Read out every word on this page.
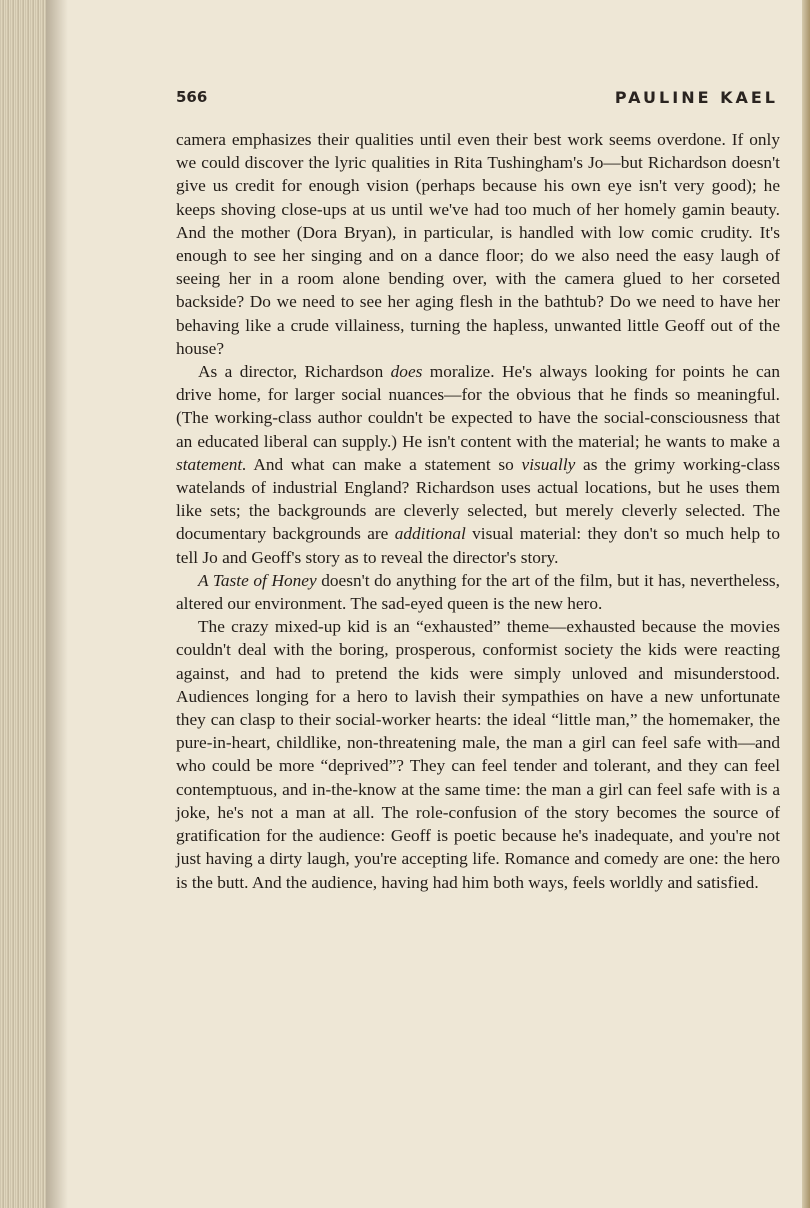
566	PAULINE KAEL

camera emphasizes their qualities until even their best work seems overdone. If only we could discover the lyric qualities in Rita Tushingham's Jo—but Richardson doesn't give us credit for enough vision (perhaps because his own eye isn't very good); he keeps shoving close-ups at us until we've had too much of her homely gamin beauty. And the mother (Dora Bryan), in particular, is handled with low comic crudity. It's enough to see her singing and on a dance floor; do we also need the easy laugh of seeing her in a room alone bending over, with the camera glued to her corseted backside? Do we need to see her aging flesh in the bathtub? Do we need to have her behaving like a crude villainess, turning the hapless, unwanted little Geoff out of the house?

As a director, Richardson does moralize. He's always looking for points he can drive home, for larger social nuances—for the obvious that he finds so meaningful. (The working-class author couldn't be expected to have the social-consciousness that an educated liberal can supply.) He isn't content with the material; he wants to make a statement. And what can make a statement so visually as the grimy working-class watelands of industrial England? Richardson uses actual locations, but he uses them like sets; the backgrounds are cleverly selected, but merely cleverly selected. The documentary backgrounds are additional visual material: they don't so much help to tell Jo and Geoff's story as to reveal the director's story.

A Taste of Honey doesn't do anything for the art of the film, but it has, nevertheless, altered our environment. The sad-eyed queen is the new hero.

The crazy mixed-up kid is an “exhausted” theme—exhausted because the movies couldn't deal with the boring, prosperous, conformist society the kids were reacting against, and had to pretend the kids were simply unloved and misunderstood. Audiences longing for a hero to lavish their sympathies on have a new unfortunate they can clasp to their social-worker hearts: the ideal “little man,” the homemaker, the pure-in-heart, childlike, non-threatening male, the man a girl can feel safe with—and who could be more “deprived”? They can feel tender and tolerant, and they can feel contemptuous, and in-the-know at the same time: the man a girl can feel safe with is a joke, he's not a man at all. The role-confusion of the story becomes the source of gratification for the audience: Geoff is poetic because he's inadequate, and you're not just having a dirty laugh, you're accepting life. Romance and comedy are one: the hero is the butt. And the audience, having had him both ways, feels worldly and satisfied.
